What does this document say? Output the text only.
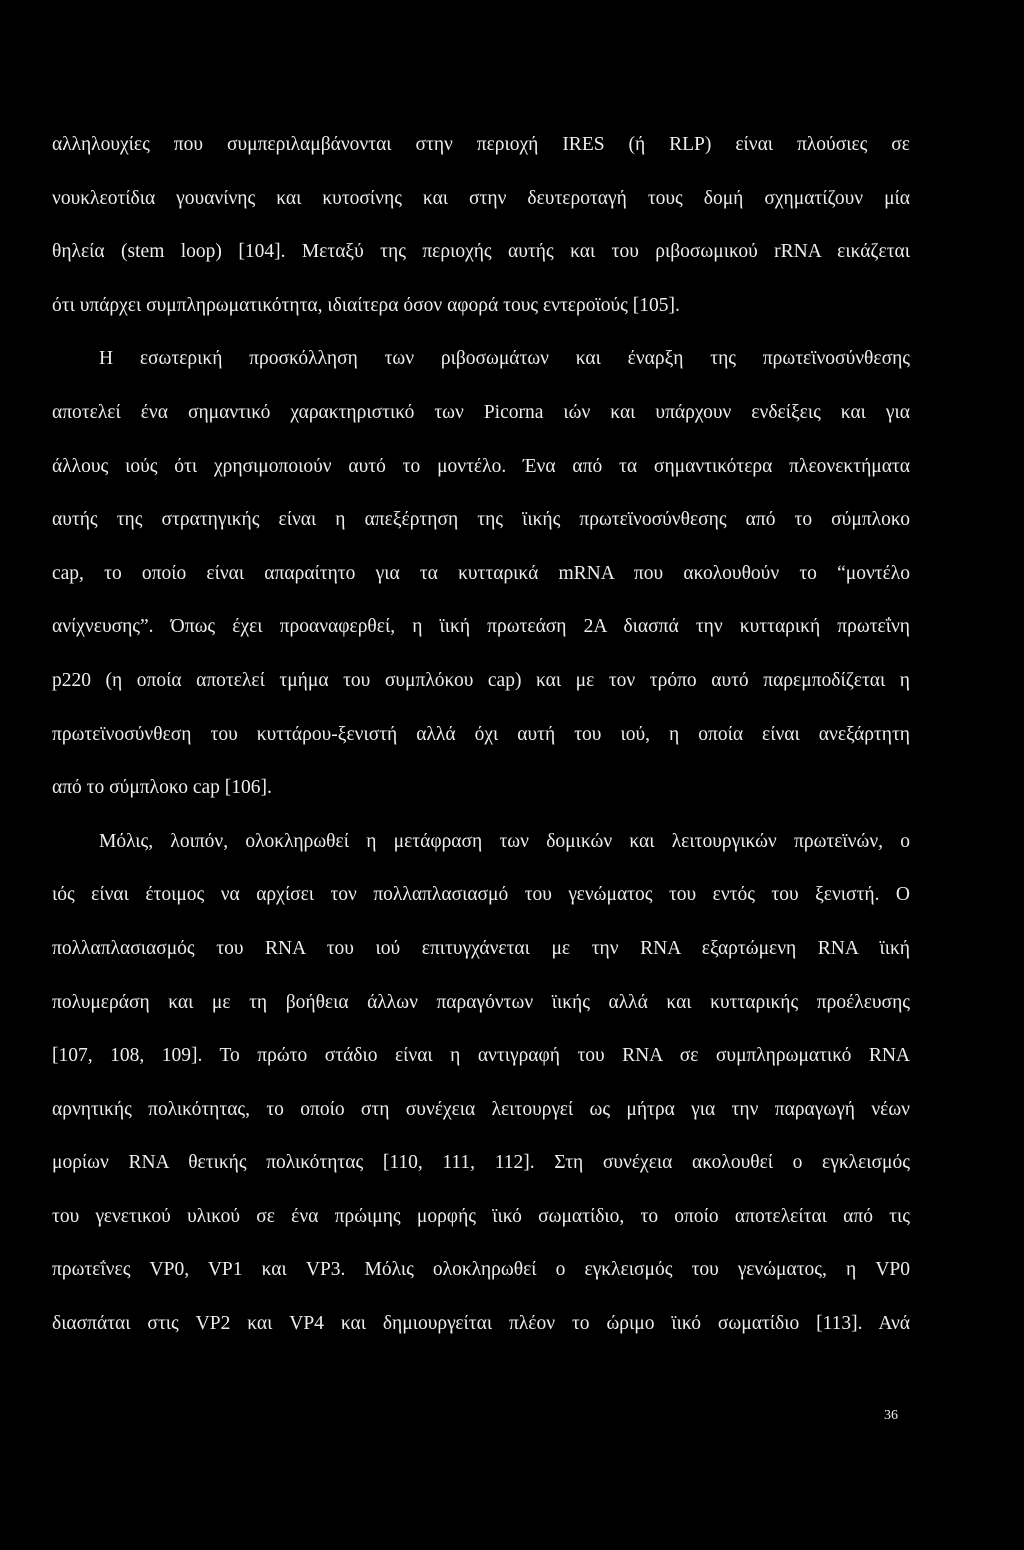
αλληλουχίες που συμπεριλαμβάνονται στην περιοχή IRES (ή RLP) είναι πλούσιες σε
νουκλεοτίδια γουανίνης και κυτοσίνης και στην δευτεροταγή τους δομή σχηματίζουν μία
θηλεία (stem loop) [104]. Μεταξύ της περιοχής αυτής και του ριβοσωμικού rRNA εικάζεται
ότι υπάρχει συμπληρωματικότητα, ιδιαίτερα όσον αφορά τους εντεροϊούς [105].
Η εσωτερική προσκόλληση των ριβοσωμάτων και έναρξη της πρωτεϊνοσύνθεσης
αποτελεί ένα σημαντικό χαρακτηριστικό των Picorna ιών και υπάρχουν ενδείξεις και για
άλλους ιούς ότι χρησιμοποιούν αυτό το μοντέλο. Ένα από τα σημαντικότερα πλεονεκτήματα
αυτής της στρατηγικής είναι η απεξέρτηση της ϊικής πρωτεϊνοσύνθεσης από το σύμπλοκο
cap, το οποίο είναι απαραίτητο για τα κυτταρικά mRNA που ακολουθούν το “μοντέλο
ανίχνευσης”. Όπως έχει προαναφερθεί, η ϊική πρωτεάση 2A διασπά την κυτταρική πρωτεΐνη
p220 (η οποία αποτελεί τμήμα του συμπλόκου cap) και με τον τρόπο αυτό παρεμποδίζεται η
πρωτεϊνοσύνθεση του κυττάρου-ξενιστή αλλά όχι αυτή του ιού, η οποία είναι ανεξάρτητη
από το σύμπλοκο cap [106].
Μόλις, λοιπόν, ολοκληρωθεί η μετάφραση των δομικών και λειτουργικών πρωτεϊνών, ο
ιός είναι έτοιμος να αρχίσει τον πολλαπλασιασμό του γενώματος του εντός του ξενιστή. Ο
πολλαπλασιασμός του RNA του ιού επιτυγχάνεται με την RNA εξαρτώμενη RNA ϊική
πολυμεράση και με τη βοήθεια άλλων παραγόντων ϊικής αλλά και κυτταρικής προέλευσης
[107, 108, 109]. Το πρώτο στάδιο είναι η αντιγραφή του RNA σε συμπληρωματικό RNA
αρνητικής πολικότητας, το οποίο στη συνέχεια λειτουργεί ως μήτρα για την παραγωγή νέων
μορίων RNA θετικής πολικότητας [110, 111, 112]. Στη συνέχεια ακολουθεί ο εγκλεισμός
του γενετικού υλικού σε ένα πρώιμης μορφής ϊικό σωματίδιο, το οποίο αποτελείται από τις
πρωτεΐνες VP0, VP1 και VP3. Μόλις ολοκληρωθεί ο εγκλεισμός του γενώματος, η VP0
διασπάται στις VP2 και VP4 και δημιουργείται πλέον το ώριμο ϊικό σωματίδιο [113]. Ανά
36
